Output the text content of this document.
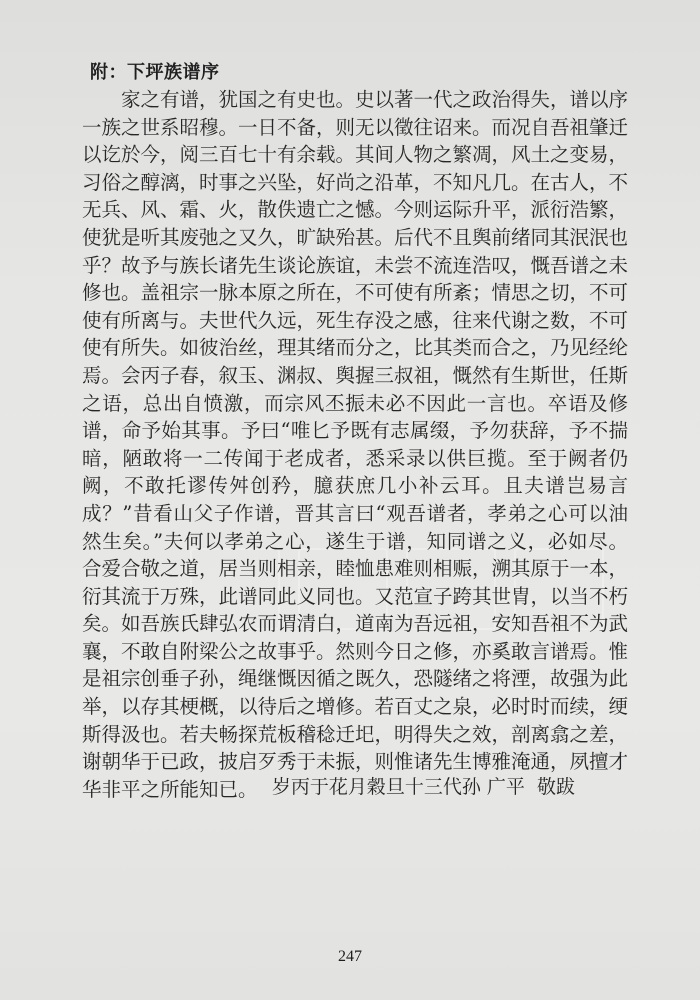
附：下坪族谱序

家之有谱，犹国之有史也。史以著一代之政治得失，谱以序一族之世系昭穆。一日不备，则无以徵往诏来。而况自吾祖肇迁以讫於今，阅三百七十有余载。其间人物之繁凋，风土之变易，习俗之醇漓，时事之兴坠，好尚之沿革，不知凡几。在古人，不无兵、风、霜、火，散佚遗亡之憾。今则运际升平，派衍浩繁，使犹是听其废弛之又久，旷缺殆甚。后代不且舆前绪同其泯泯也乎？故予与族长诸先生谈论族谊，未尝不流连浩叹，慨吾谱之未修也。盖祖宗一脉本原之所在，不可使有所紊；情思之切，不可使有所离与。夫世代久远，死生存没之感，往来代谢之数，不可使有所失。如彼治丝，理其绪而分之，比其类而合之，乃见经纶焉。会丙子春，叙玉、渊叔、舆握三叔祖，慨然有生斯世，任斯之语，总出自愤激，而宗风丕振未必不因此一言也。卒语及修谱，命予始其事。予曰“唯匕予既有志属缀，予勿获辞，予不揣暗，陋敢将一二传闻于老成者，悉采录以供巨揽。至于阙者仍阙，不敢托谬传舛创矜，臆获庶几小补云耳。且夫谱岂易言成？”昔看山父子作谱，晋其言曰“观吾谱者，孝弟之心可以油然生矣。”夫何以孝弟之心，遂生于谱，知同谱之义，必如尽。合爱合敬之道，居当则相亲，睦恤患难则相赈，溯其原于一本，衍其流于万殊，此谱同此义同也。又范宣子跨其世胄，以当不朽矣。如吾族氏肆弘农而谓清白，道南为吾远祖，安知吾祖不为武襄，不敢自附梁公之故事乎。然则今日之修，亦奚敢言谱焉。惟是祖宗创垂子孙，绳继慨因循之既久，恐隧绪之将湮，故强为此举，以存其梗概，以待后之增修。若百丈之泉，必时时而续，绠斯得汲也。若夫畅探荒板稽稔迁圯，明得失之效，剖离翕之差，谢朝华于已政，披启歹秀于未振，则惟诸先生博雅淹通，夙擅才华非平之所能知已。 岁丙于花月穀旦十三代孙 广平  敬跋
247
